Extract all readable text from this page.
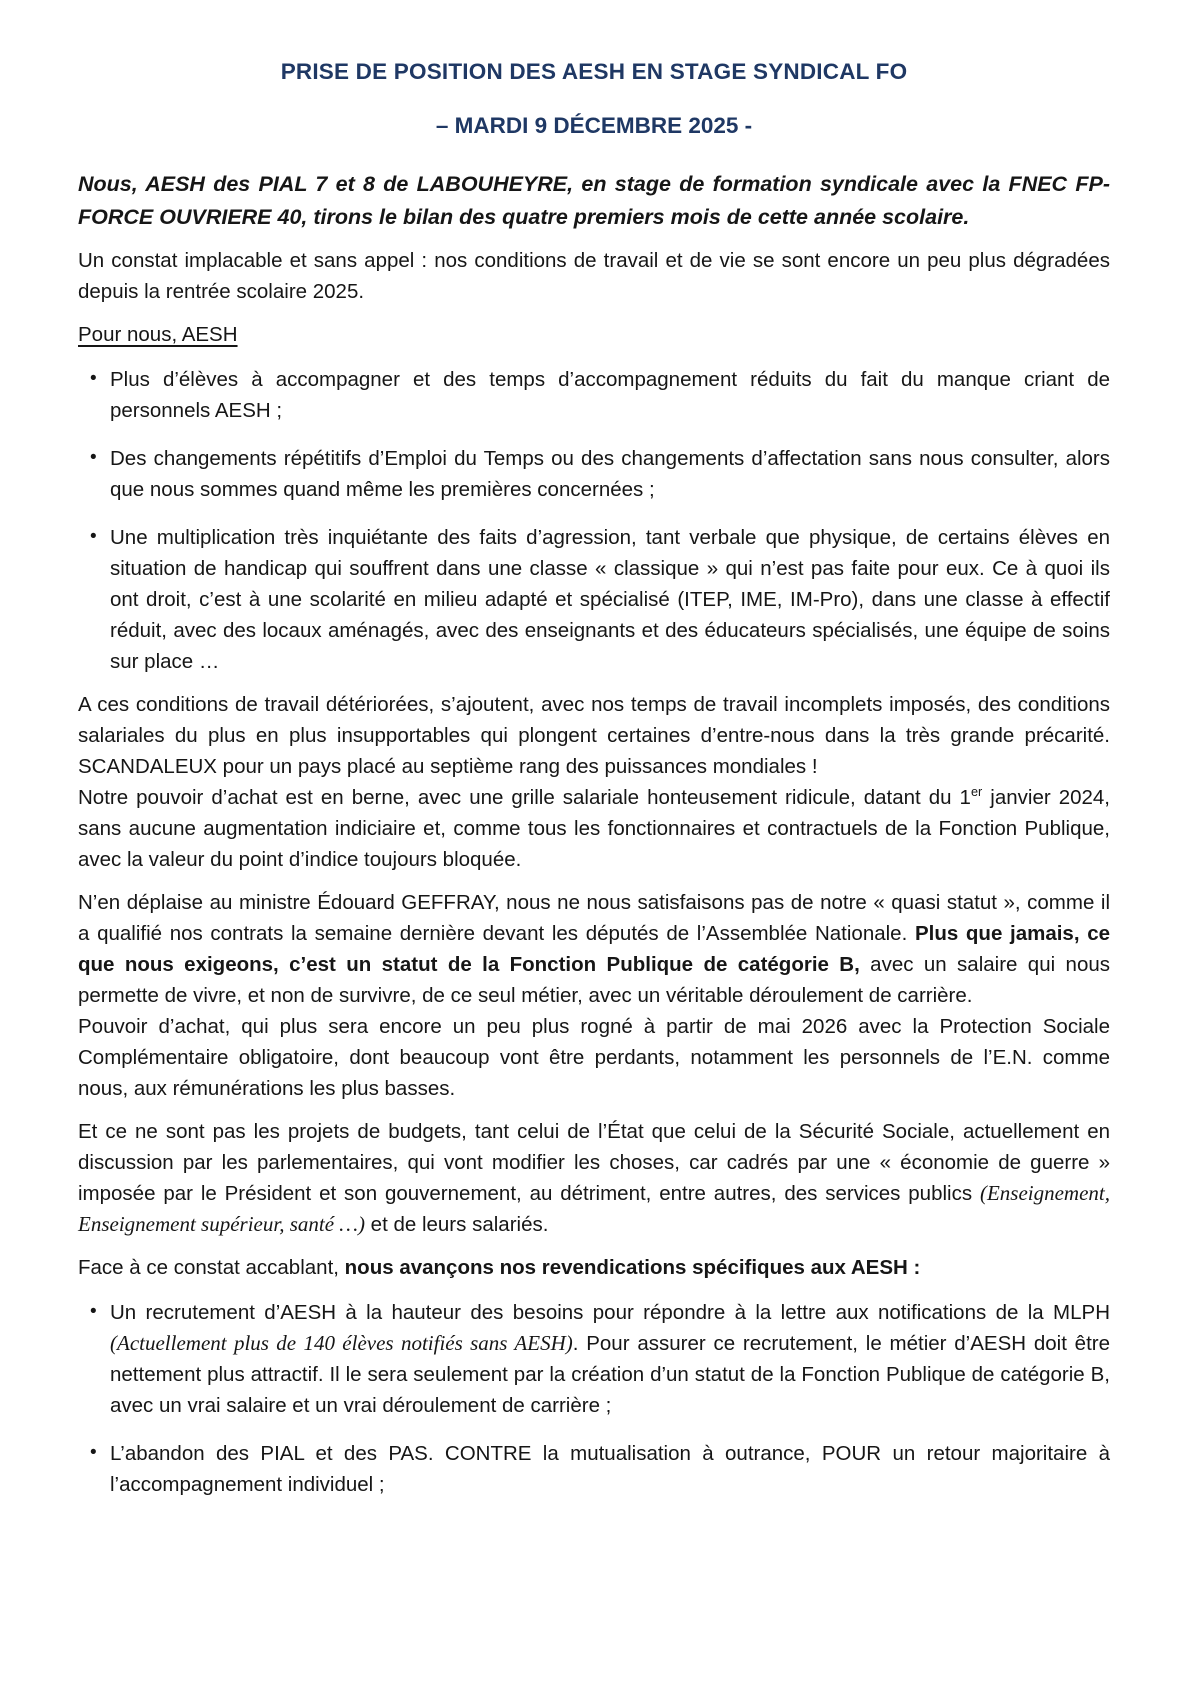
PRISE DE POSITION DES AESH EN STAGE SYNDICAL FO
– MARDI 9 DÉCEMBRE 2025 -

Nous, AESH des PIAL 7 et 8 de LABOUHEYRE, en stage de formation syndicale avec la FNEC FP-FORCE OUVRIERE 40, tirons le bilan des quatre premiers mois de cette année scolaire.

Un constat implacable et sans appel : nos conditions de travail et de vie se sont encore un peu plus dégradées depuis la rentrée scolaire 2025.

Pour nous, AESH

• Plus d’élèves à accompagner et des temps d’accompagnement réduits du fait du manque criant de personnels AESH ;
• Des changements répétitifs d’Emploi du Temps ou des changements d’affectation sans nous consulter, alors que nous sommes quand même les premières concernées ;
• Une multiplication très inquiétante des faits d’agression, tant verbale que physique, de certains élèves en situation de handicap qui souffrent dans une classe « classique » qui n’est pas faite pour eux. Ce à quoi ils ont droit, c’est à une scolarité en milieu adapté et spécialisé (ITEP, IME, IM-Pro), dans une classe à effectif réduit, avec des locaux aménagés, avec des enseignants et des éducateurs spécialisés, une équipe de soins sur place …

A ces conditions de travail détériorées, s’ajoutent, avec nos temps de travail incomplets imposés, des conditions salariales du plus en plus insupportables qui plongent certaines d’entre-nous dans la très grande précarité. SCANDALEUX pour un pays placé au septième rang des puissances mondiales !

Notre pouvoir d’achat est en berne, avec une grille salariale honteusement ridicule, datant du 1er janvier 2024, sans aucune augmentation indiciaire et, comme tous les fonctionnaires et contractuels de la Fonction Publique, avec la valeur du point d’indice toujours bloquée.

N’en déplaise au ministre Édouard GEFFRAY, nous ne nous satisfaisons pas de notre « quasi statut », comme il a qualifié nos contrats la semaine dernière devant les députés de l’Assemblée Nationale. Plus que jamais, ce que nous exigeons, c’est un statut de la Fonction Publique de catégorie B, avec un salaire qui nous permette de vivre, et non de survivre, de ce seul métier, avec un véritable déroulement de carrière.

Pouvoir d’achat, qui plus sera encore un peu plus rogné à partir de mai 2026 avec la Protection Sociale Complémentaire obligatoire, dont beaucoup vont être perdants, notamment les personnels de l’E.N. comme nous, aux rémunérations les plus basses.

Et ce ne sont pas les projets de budgets, tant celui de l’État que celui de la Sécurité Sociale, actuellement en discussion par les parlementaires, qui vont modifier les choses, car cadrés par une « économie de guerre » imposée par le Président et son gouvernement, au détriment, entre autres, des services publics (Enseignement, Enseignement supérieur, santé …) et de leurs salariés.

Face à ce constat accablant, nous avançons nos revendications spécifiques aux AESH :

• Un recrutement d’AESH à la hauteur des besoins pour répondre à la lettre aux notifications de la MLPH (Actuellement plus de 140 élèves notifiés sans AESH). Pour assurer ce recrutement, le métier d’AESH doit être nettement plus attractif. Il le sera seulement par la création d’un statut de la Fonction Publique de catégorie B, avec un vrai salaire et un vrai déroulement de carrière ;
• L’abandon des PIAL et des PAS. CONTRE la mutualisation à outrance, POUR un retour majoritaire à l’accompagnement individuel ;
